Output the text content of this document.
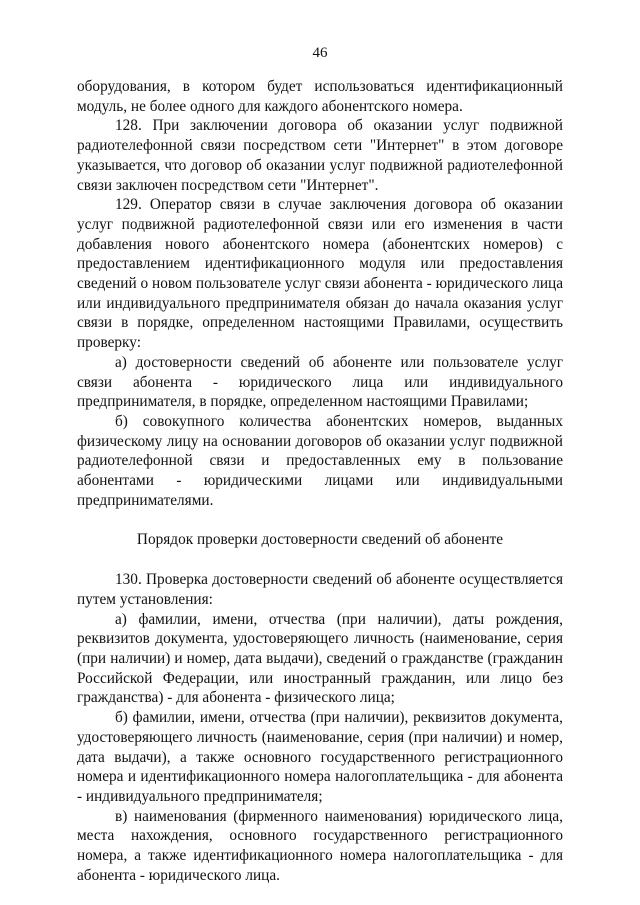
46

оборудования, в котором будет использоваться идентификационный модуль, не более одного для каждого абонентского номера.

128. При заключении договора об оказании услуг подвижной радиотелефонной связи посредством сети "Интернет" в этом договоре указывается, что договор об оказании услуг подвижной радиотелефонной связи заключен посредством сети "Интернет".

129. Оператор связи в случае заключения договора об оказании услуг подвижной радиотелефонной связи или его изменения в части добавления нового абонентского номера (абонентских номеров) с предоставлением идентификационного модуля или предоставления сведений о новом пользователе услуг связи абонента - юридического лица или индивидуального предпринимателя обязан до начала оказания услуг связи в порядке, определенном настоящими Правилами, осуществить проверку:

а) достоверности сведений об абоненте или пользователе услуг связи абонента - юридического лица или индивидуального предпринимателя, в порядке, определенном настоящими Правилами;

б) совокупного количества абонентских номеров, выданных физическому лицу на основании договоров об оказании услуг подвижной радиотелефонной связи и предоставленных ему в пользование абонентами - юридическими лицами или индивидуальными предпринимателями.

Порядок проверки достоверности сведений об абоненте

130. Проверка достоверности сведений об абоненте осуществляется путем установления:

а) фамилии, имени, отчества (при наличии), даты рождения, реквизитов документа, удостоверяющего личность (наименование, серия (при наличии) и номер, дата выдачи), сведений о гражданстве (гражданин Российской Федерации, или иностранный гражданин, или лицо без гражданства) - для абонента - физического лица;

б) фамилии, имени, отчества (при наличии), реквизитов документа, удостоверяющего личность (наименование, серия (при наличии) и номер, дата выдачи), а также основного государственного регистрационного номера и идентификационного номера налогоплательщика - для абонента - индивидуального предпринимателя;

в) наименования (фирменного наименования) юридического лица, места нахождения, основного государственного регистрационного номера, а также идентификационного номера налогоплательщика - для абонента - юридического лица.
